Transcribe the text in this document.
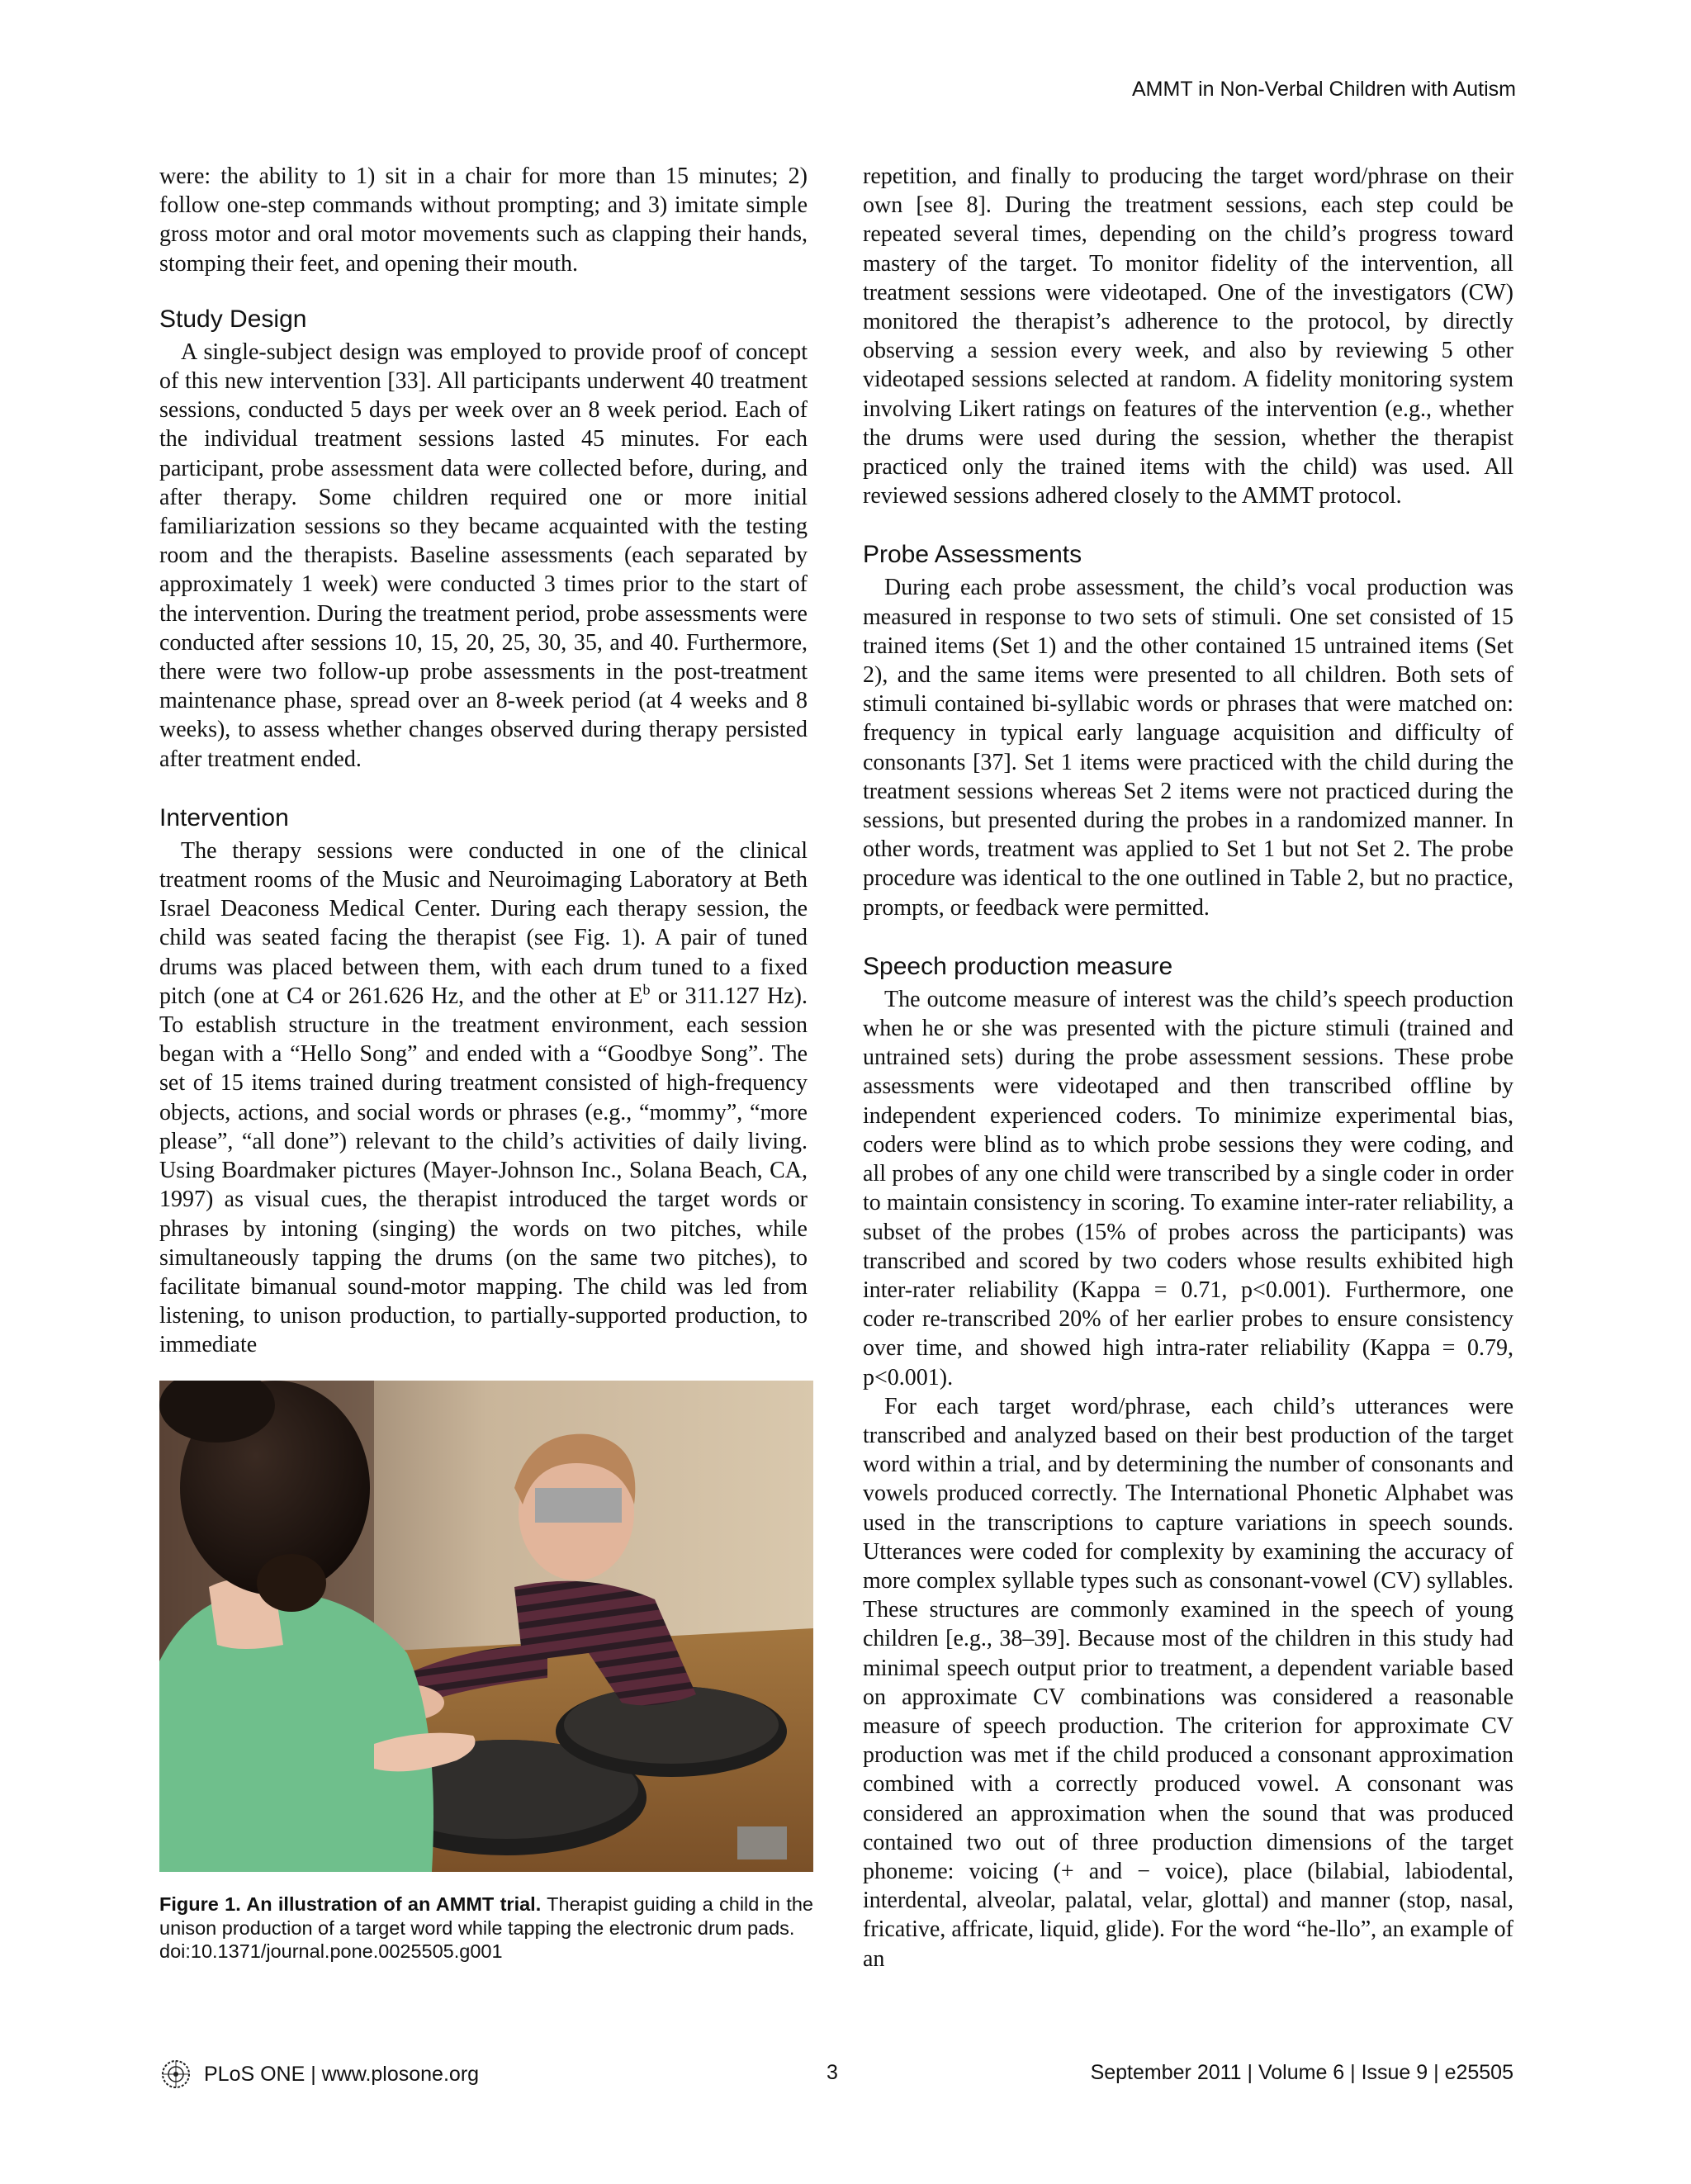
AMMT in Non-Verbal Children with Autism

were: the ability to 1) sit in a chair for more than 15 minutes; 2) follow one-step commands without prompting; and 3) imitate simple gross motor and oral motor movements such as clapping their hands, stomping their feet, and opening their mouth.

Study Design

A single-subject design was employed to provide proof of concept of this new intervention [33]. All participants underwent 40 treatment sessions, conducted 5 days per week over an 8 week period. Each of the individual treatment sessions lasted 45 minutes. For each participant, probe assessment data were collected before, during, and after therapy. Some children required one or more initial familiarization sessions so they became acquainted with the testing room and the therapists. Baseline assessments (each separated by approximately 1 week) were conducted 3 times prior to the start of the intervention. During the treatment period, probe assessments were conducted after sessions 10, 15, 20, 25, 30, 35, and 40. Furthermore, there were two follow-up probe assessments in the post-treatment maintenance phase, spread over an 8-week period (at 4 weeks and 8 weeks), to assess whether changes observed during therapy persisted after treatment ended.

Intervention

The therapy sessions were conducted in one of the clinical treatment rooms of the Music and Neuroimaging Laboratory at Beth Israel Deaconess Medical Center. During each therapy session, the child was seated facing the therapist (see Fig. 1). A pair of tuned drums was placed between them, with each drum tuned to a fixed pitch (one at C4 or 261.626 Hz, and the other at $E^b$ or 311.127 Hz). To establish structure in the treatment environment, each session began with a “Hello Song” and ended with a “Goodbye Song”. The set of 15 items trained during treatment consisted of high-frequency objects, actions, and social words or phrases (e.g., “mommy”, “more please”, “all done”) relevant to the child’s activities of daily living. Using Boardmaker pictures (Mayer-Johnson Inc., Solana Beach, CA, 1997) as visual cues, the therapist introduced the target words or phrases by intoning (singing) the words on two pitches, while simultaneously tapping the drums (on the same two pitches), to facilitate bimanual sound-motor mapping. The child was led from listening, to unison production, to partially-supported production, to immediate

Figure 1. An illustration of an AMMT trial. Therapist guiding a child in the unison production of a target word while tapping the electronic drum pads.
doi:10.1371/journal.pone.0025505.g001

repetition, and finally to producing the target word/phrase on their own [see 8]. During the treatment sessions, each step could be repeated several times, depending on the child’s progress toward mastery of the target. To monitor fidelity of the intervention, all treatment sessions were videotaped. One of the investigators (CW) monitored the therapist’s adherence to the protocol, by directly observing a session every week, and also by reviewing 5 other videotaped sessions selected at random. A fidelity monitoring system involving Likert ratings on features of the intervention (e.g., whether the drums were used during the session, whether the therapist practiced only the trained items with the child) was used. All reviewed sessions adhered closely to the AMMT protocol.

Probe Assessments

During each probe assessment, the child’s vocal production was measured in response to two sets of stimuli. One set consisted of 15 trained items (Set 1) and the other contained 15 untrained items (Set 2), and the same items were presented to all children. Both sets of stimuli contained bi-syllabic words or phrases that were matched on: frequency in typical early language acquisition and difficulty of consonants [37]. Set 1 items were practiced with the child during the treatment sessions whereas Set 2 items were not practiced during the sessions, but presented during the probes in a randomized manner. In other words, treatment was applied to Set 1 but not Set 2. The probe procedure was identical to the one outlined in Table 2, but no practice, prompts, or feedback were permitted.

Speech production measure

The outcome measure of interest was the child’s speech production when he or she was presented with the picture stimuli (trained and untrained sets) during the probe assessment sessions. These probe assessments were videotaped and then transcribed offline by independent experienced coders. To minimize experimental bias, coders were blind as to which probe sessions they were coding, and all probes of any one child were transcribed by a single coder in order to maintain consistency in scoring. To examine inter-rater reliability, a subset of the probes (15% of probes across the participants) was transcribed and scored by two coders whose results exhibited high inter-rater reliability (Kappa = 0.71, p<0.001). Furthermore, one coder re-transcribed 20% of her earlier probes to ensure consistency over time, and showed high intra-rater reliability (Kappa = 0.79, p<0.001).

For each target word/phrase, each child’s utterances were transcribed and analyzed based on their best production of the target word within a trial, and by determining the number of consonants and vowels produced correctly. The International Phonetic Alphabet was used in the transcriptions to capture variations in speech sounds. Utterances were coded for complexity by examining the accuracy of more complex syllable types such as consonant-vowel (CV) syllables. These structures are commonly examined in the speech of young children [e.g., 38–39]. Because most of the children in this study had minimal speech output prior to treatment, a dependent variable based on approximate CV combinations was considered a reasonable measure of speech production. The criterion for approximate CV production was met if the child produced a consonant approximation combined with a correctly produced vowel. A consonant was considered an approximation when the sound that was produced contained two out of three production dimensions of the target phoneme: voicing (+ and − voice), place (bilabial, labiodental, interdental, alveolar, palatal, velar, glottal) and manner (stop, nasal, fricative, affricate, liquid, glide). For the word “he-llo”, an example of an

PLoS ONE | www.plosone.org	3	September 2011 | Volume 6 | Issue 9 | e25505
